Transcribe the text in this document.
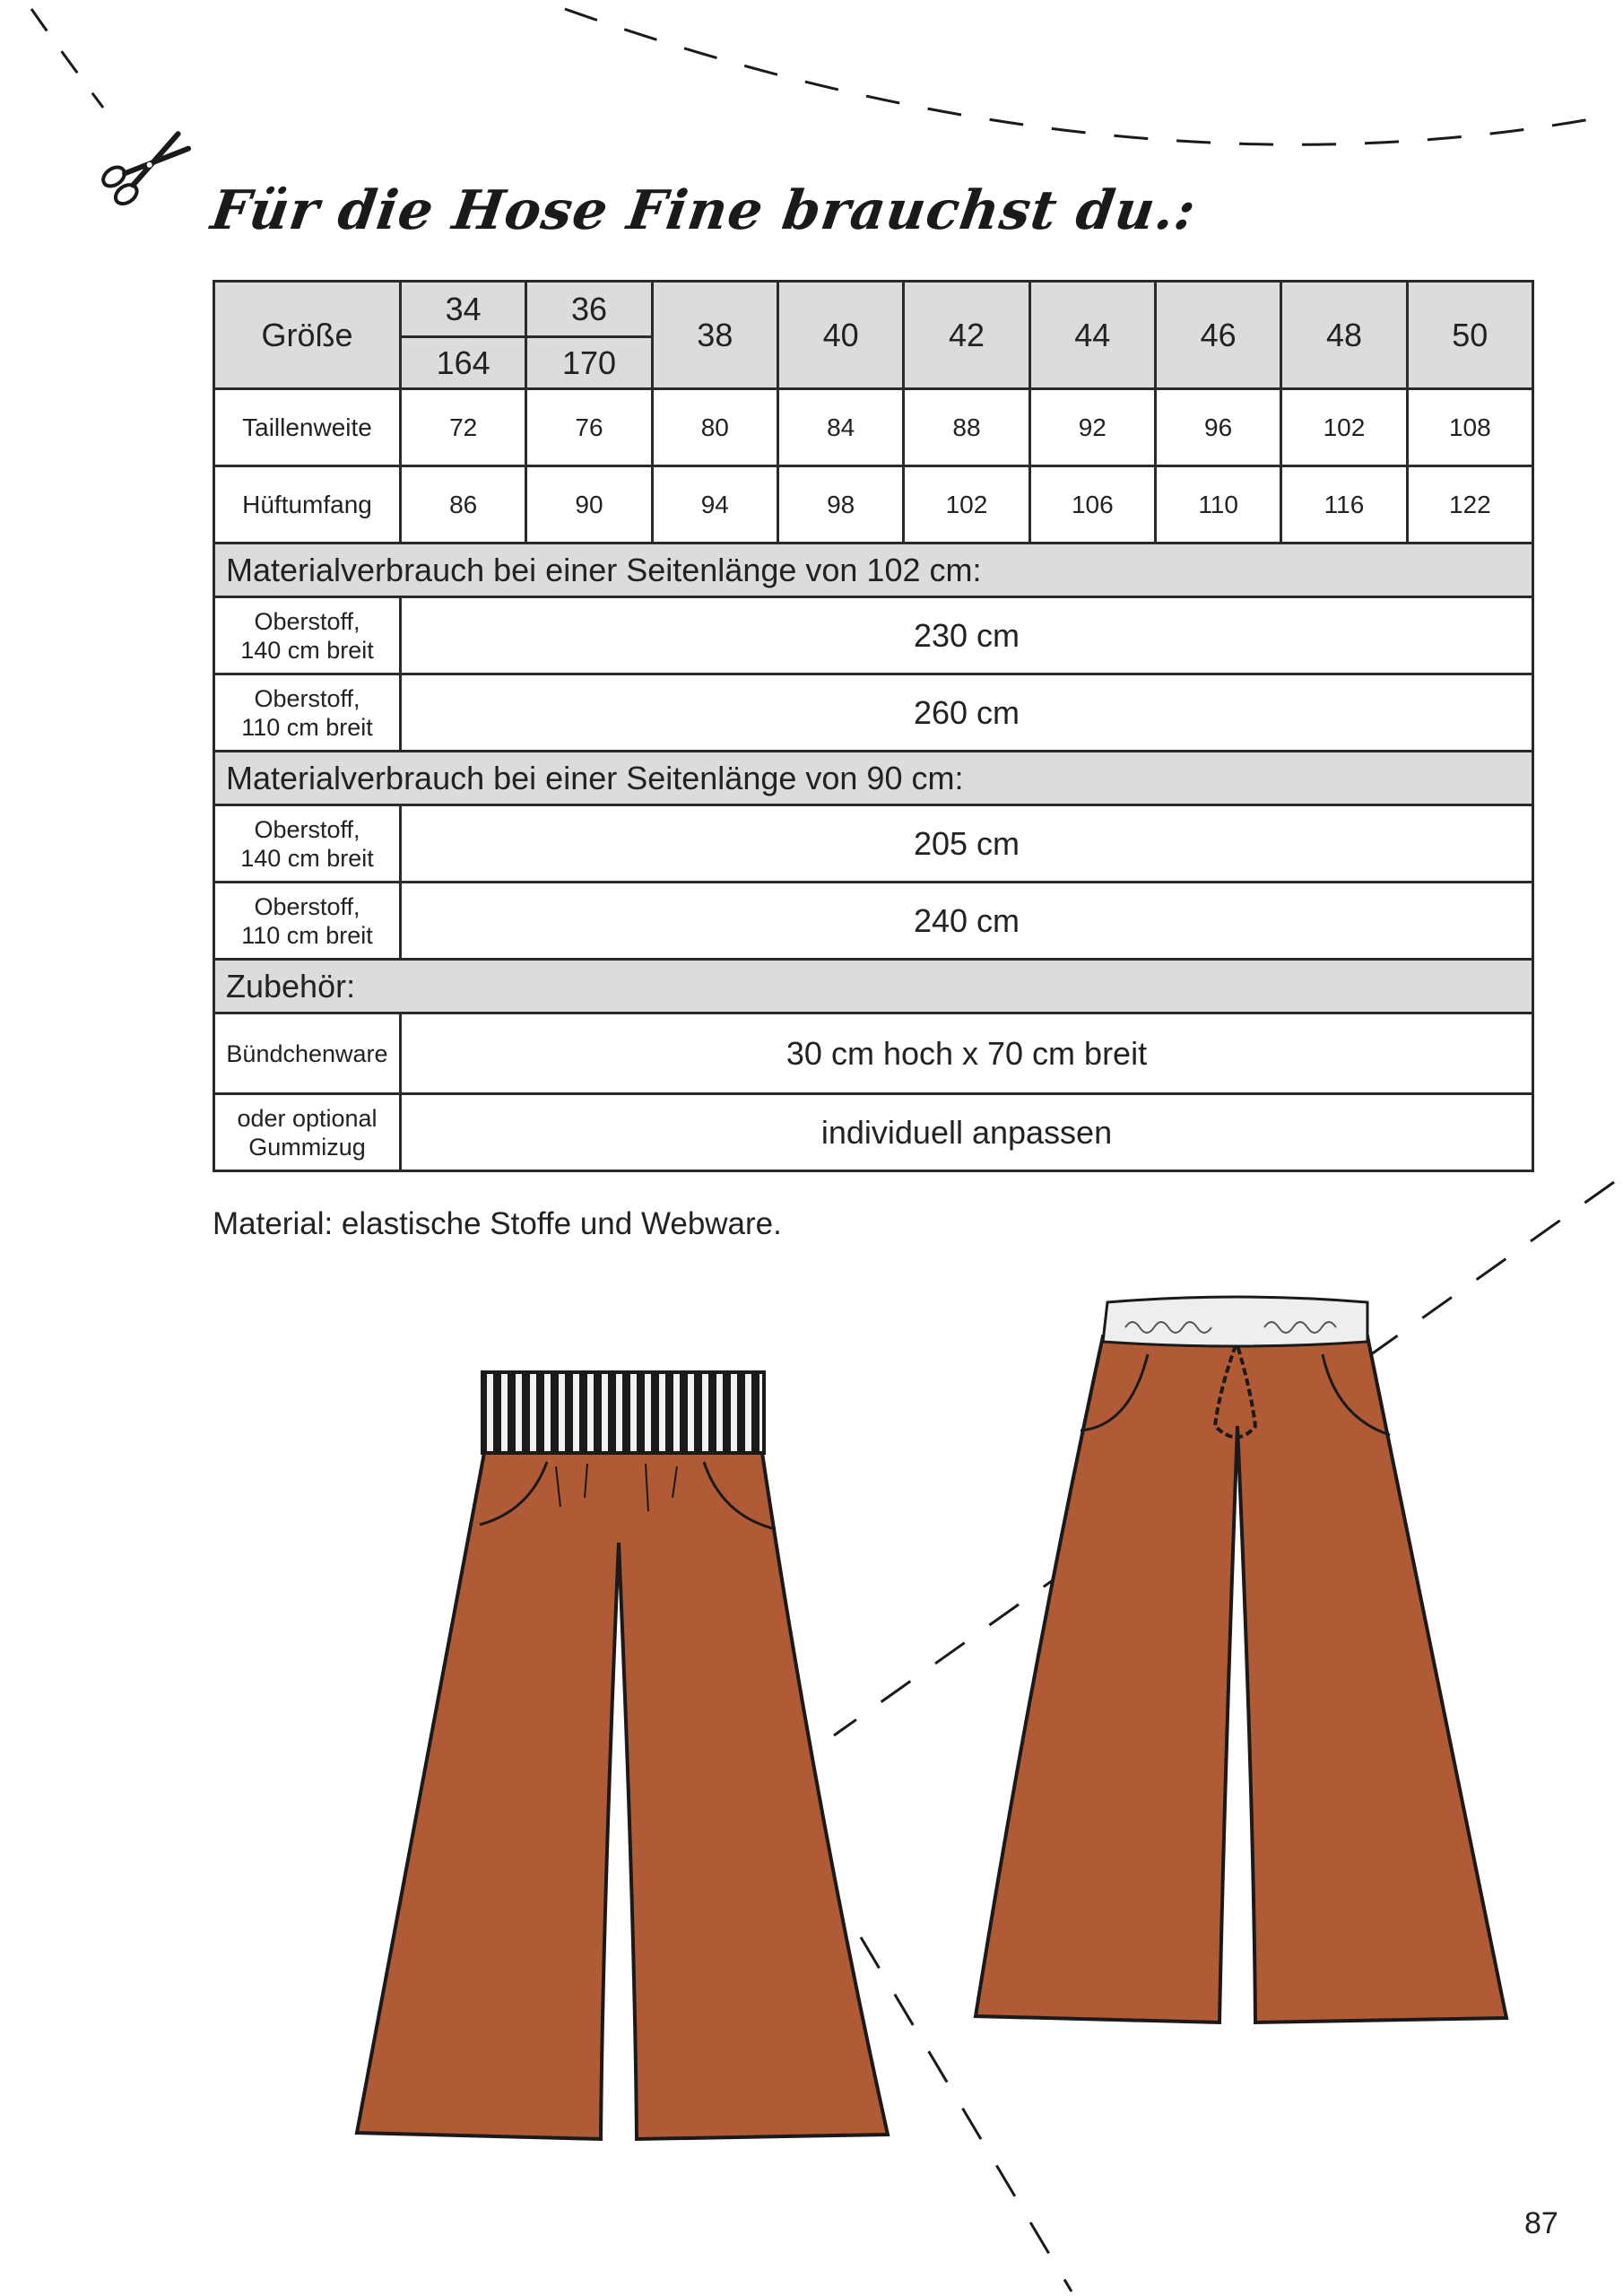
Für die Hose Fine brauchst du.:
Größe	34	36	38	40	42	44	46	48	50
	164	170							
Taillenweite	72	76	80	84	88	92	96	102	108
Hüftumfang	86	90	94	98	102	106	110	116	122
Materialverbrauch bei einer Seitenlänge von 102 cm:									
Oberstoff,
140 cm breit	230 cm								
Oberstoff,
110 cm breit	260 cm								
Materialverbrauch bei einer Seitenlänge von 90 cm:									
Oberstoff,
140 cm breit	205 cm								
Oberstoff,
110 cm breit	240 cm								
Zubehör:									
Bündchenware	30 cm hoch x 70 cm breit								
oder optional
Gummizug	individuell anpassen								
Material: elastische Stoffe und Webware.
87
